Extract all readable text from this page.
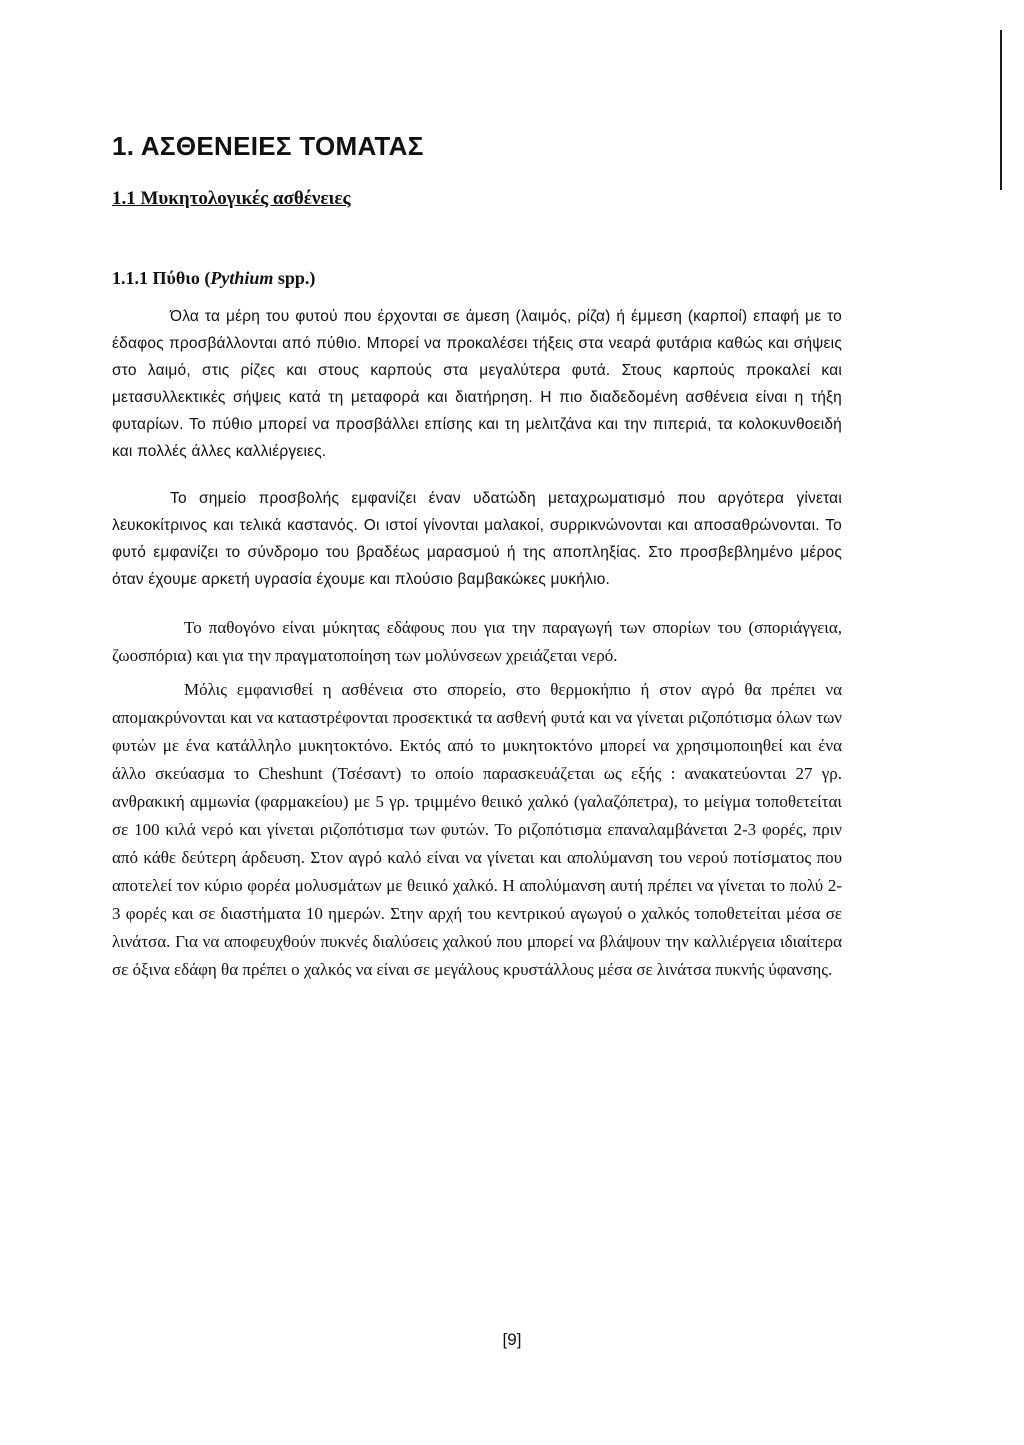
1. ΑΣΘΕΝΕΙΕΣ ΤΟΜΑΤΑΣ
1.1 Μυκητολογικές ασθένειες
1.1.1 Πύθιο (Pythium spp.)

Όλα τα μέρη του φυτού που έρχονται σε άμεση (λαιμός, ρίζα) ή έμμεση (καρποί) επαφή με το έδαφος προσβάλλονται από πύθιο. Μπορεί να προκαλέσει τήξεις στα νεαρά φυτάρια καθώς και σήψεις στο λαιμό, στις ρίζες και στους καρπούς στα μεγαλύτερα φυτά. Στους καρπούς προκαλεί και μετασυλλεκτικές σήψεις κατά τη μεταφορά και διατήρηση. Η πιο διαδεδομένη ασθένεια είναι η τήξη φυταρίων. Το πύθιο μπορεί να προσβάλλει επίσης και τη μελιτζάνα και την πιπεριά, τα κολοκυνθοειδή και πολλές άλλες καλλιέργειες.

Το σημείο προσβολής εμφανίζει έναν υδατώδη μεταχρωματισμό που αργότερα γίνεται λευκοκίτρινος και τελικά καστανός. Οι ιστοί γίνονται μαλακοί, συρρικνώνονται και αποσαθρώνονται. Το φυτό εμφανίζει το σύνδρομο του βραδέως μαρασμού ή της αποπληξίας. Στο προσβεβλημένο μέρος όταν έχουμε αρκετή υγρασία έχουμε και πλούσιο βαμβακώκες μυκήλιο.

Το παθογόνο είναι μύκητας εδάφους που για την παραγωγή των σπορίων του (σποριάγγεια, ζωοσπόρια) και για την πραγματοποίηση των μολύνσεων χρειάζεται νερό.

Μόλις εμφανισθεί η ασθένεια στο σπορείο, στο θερμοκήπιο ή στον αγρό θα πρέπει να απομακρύνονται και να καταστρέφονται προσεκτικά τα ασθενή φυτά και να γίνεται ριζοπότισμα όλων των φυτών με ένα κατάλληλο μυκητοκτόνο. Εκτός από το μυκητοκτόνο μπορεί να χρησιμοποιηθεί και ένα άλλο σκεύασμα το Cheshunt (Τσέσαντ) το οποίο παρασκευάζεται ως εξής : ανακατεύονται 27 γρ. ανθρακική αμμωνία (φαρμακείου) με 5 γρ. τριμμένο θειικό χαλκό (γαλαζόπετρα), το μείγμα τοποθετείται σε 100 κιλά νερό και γίνεται ριζοπότισμα των φυτών. Το ριζοπότισμα επαναλαμβάνεται 2-3 φορές, πριν από κάθε δεύτερη άρδευση. Στον αγρό καλό είναι να γίνεται και απολύμανση του νερού ποτίσματος που αποτελεί τον κύριο φορέα μολυσμάτων με θειικό χαλκό. Η απολύμανση αυτή πρέπει να γίνεται το πολύ 2-3 φορές και σε διαστήματα 10 ημερών. Στην αρχή του κεντρικού αγωγού ο χαλκός τοποθετείται μέσα σε λινάτσα. Για να αποφευχθούν πυκνές διαλύσεις χαλκού που μπορεί να βλάψουν την καλλιέργεια ιδιαίτερα σε όξινα εδάφη θα πρέπει ο χαλκός να είναι σε μεγάλους κρυστάλλους μέσα σε λινάτσα πυκνής ύφανσης.

[9]
